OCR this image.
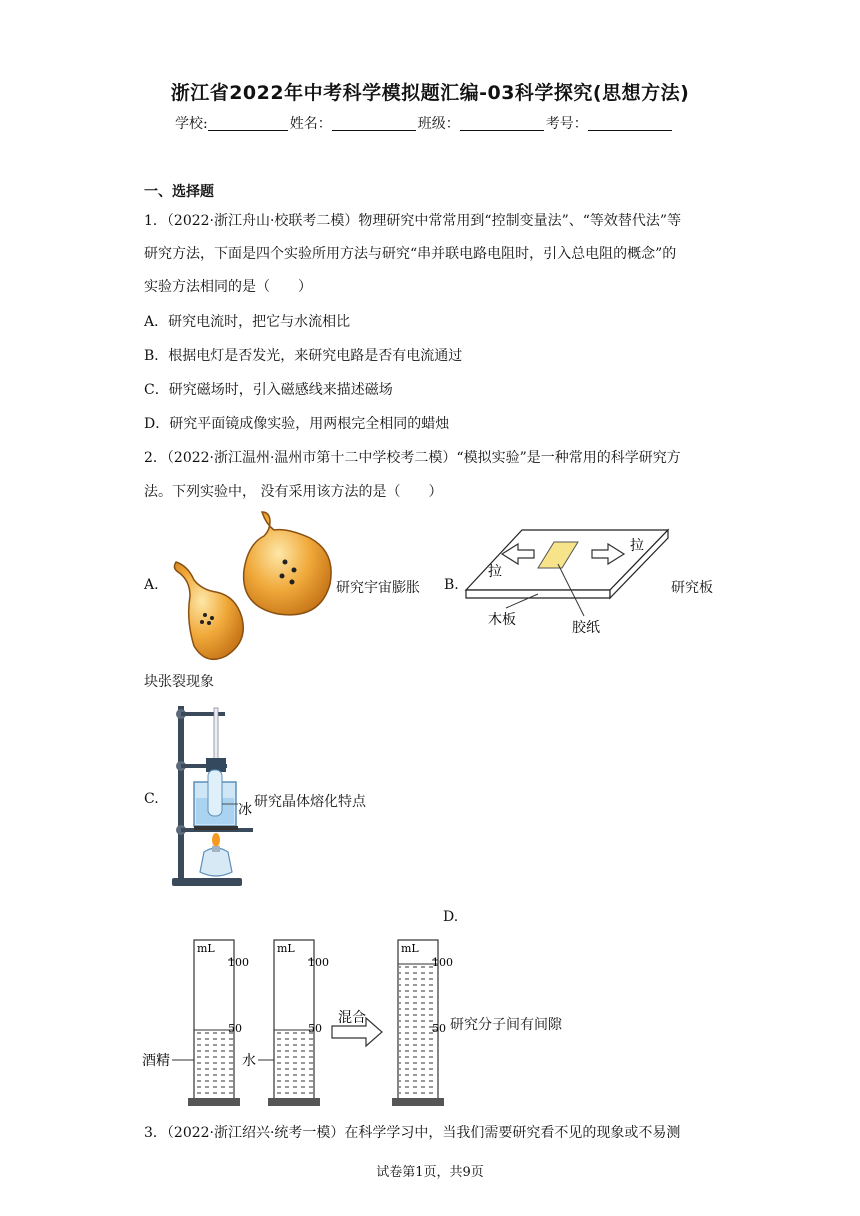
浙江省2022年中考科学模拟题汇编-03科学探究(思想方法)
学校:	姓名：	班级：	考号：
一、选择题
1．（2022·浙江舟山·校联考二模）物理研究中常常用到“控制变量法”、“等效替代法”等
研究方法，下面是四个实验所用方法与研究“串并联电路电阻时，引入总电阻的概念”的
实验方法相同的是（　　）
A．研究电流时，把它与水流相比
B．根据电灯是否发光，来研究电路是否有电流通过
C．研究磁场时，引入磁感线来描述磁场
D．研究平面镜成像实验，用两根完全相同的蜡烛
2．（2022·浙江温州·温州市第十二中学校考二模）“模拟实验”是一种常用的科学研究方
法。下列实验中， 没有采用该方法的是（　　）
A.	研究宇宙膨胀 B.
拉
拉
木板	胶纸
研究板
块张裂现象
C.
冰 研究晶体熔化特点
D.
mL
100
50
酒精
mL
100
50
水
混合
mL
100
50 研究分子间有间隙
3．（2022·浙江绍兴·统考一模）在科学学习中，当我们需要研究看不见的现象或不易测
试卷第1页，共9页
